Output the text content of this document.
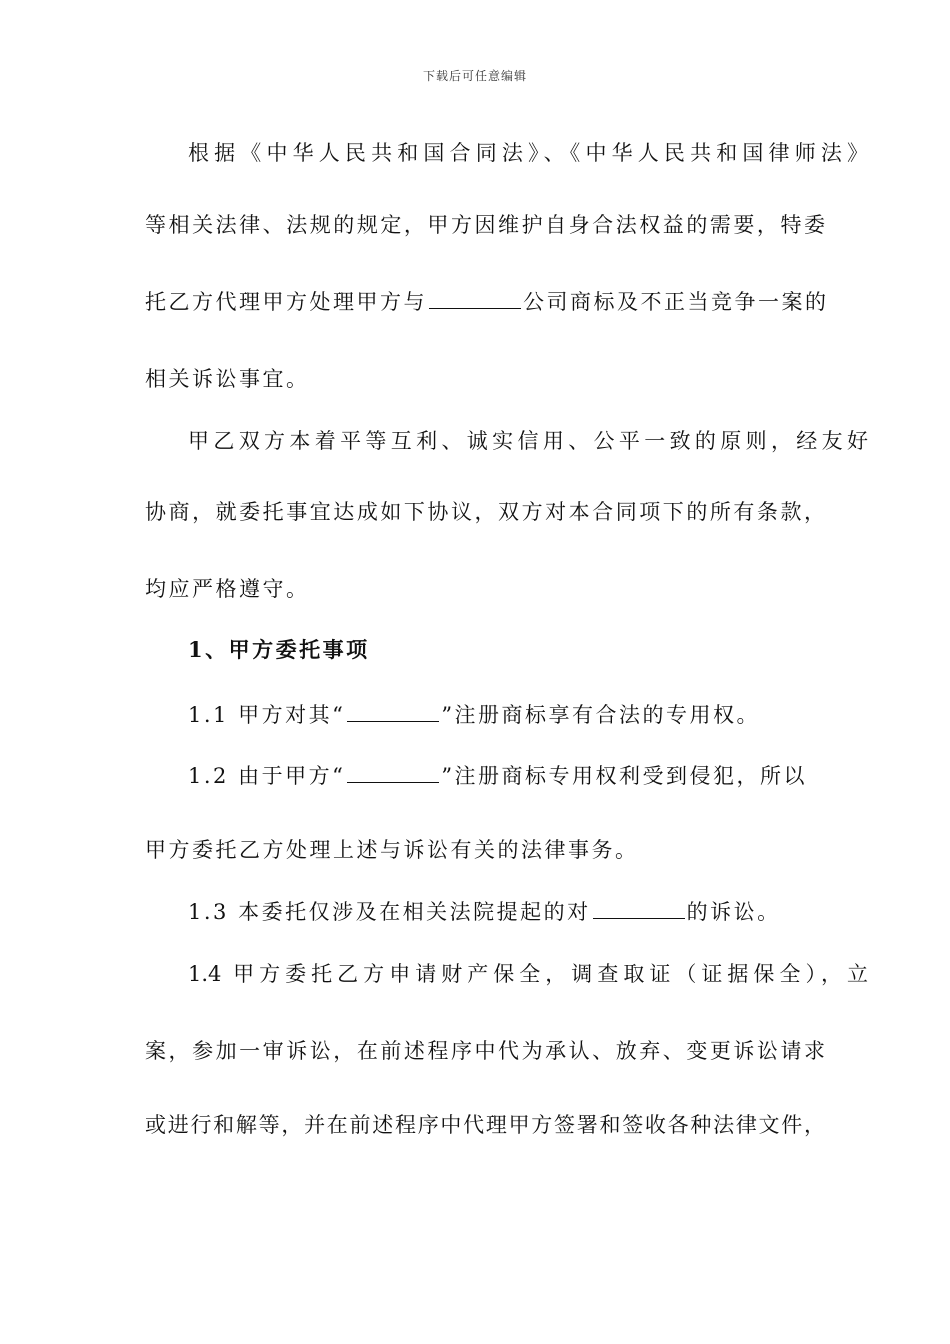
下载后可任意编辑
根据《中华人民共和国合同法》、《中华人民共和国律师法》
等相关法律、法规的规定，甲方因维护自身合法权益的需要，特委
托乙方代理甲方处理甲方与	公司商标及不正当竞争一案的
相关诉讼事宜。
甲乙双方本着平等互利、诚实信用、公平一致的原则，经友好
协商，就委托事宜达成如下协议，双方对本合同项下的所有条款，
均应严格遵守。
1、甲方委托事项
1.1 甲方对其“	”注册商标享有合法的专用权。
1.2 由于甲方“	”注册商标专用权利受到侵犯，所以
甲方委托乙方处理上述与诉讼有关的法律事务。
1.3 本委托仅涉及在相关法院提起的对	的诉讼。
1.4 甲方委托乙方申请财产保全，调查取证（证据保全），立
案，参加一审诉讼，在前述程序中代为承认、放弃、变更诉讼请求
或进行和解等，并在前述程序中代理甲方签署和签收各种法律文件，
